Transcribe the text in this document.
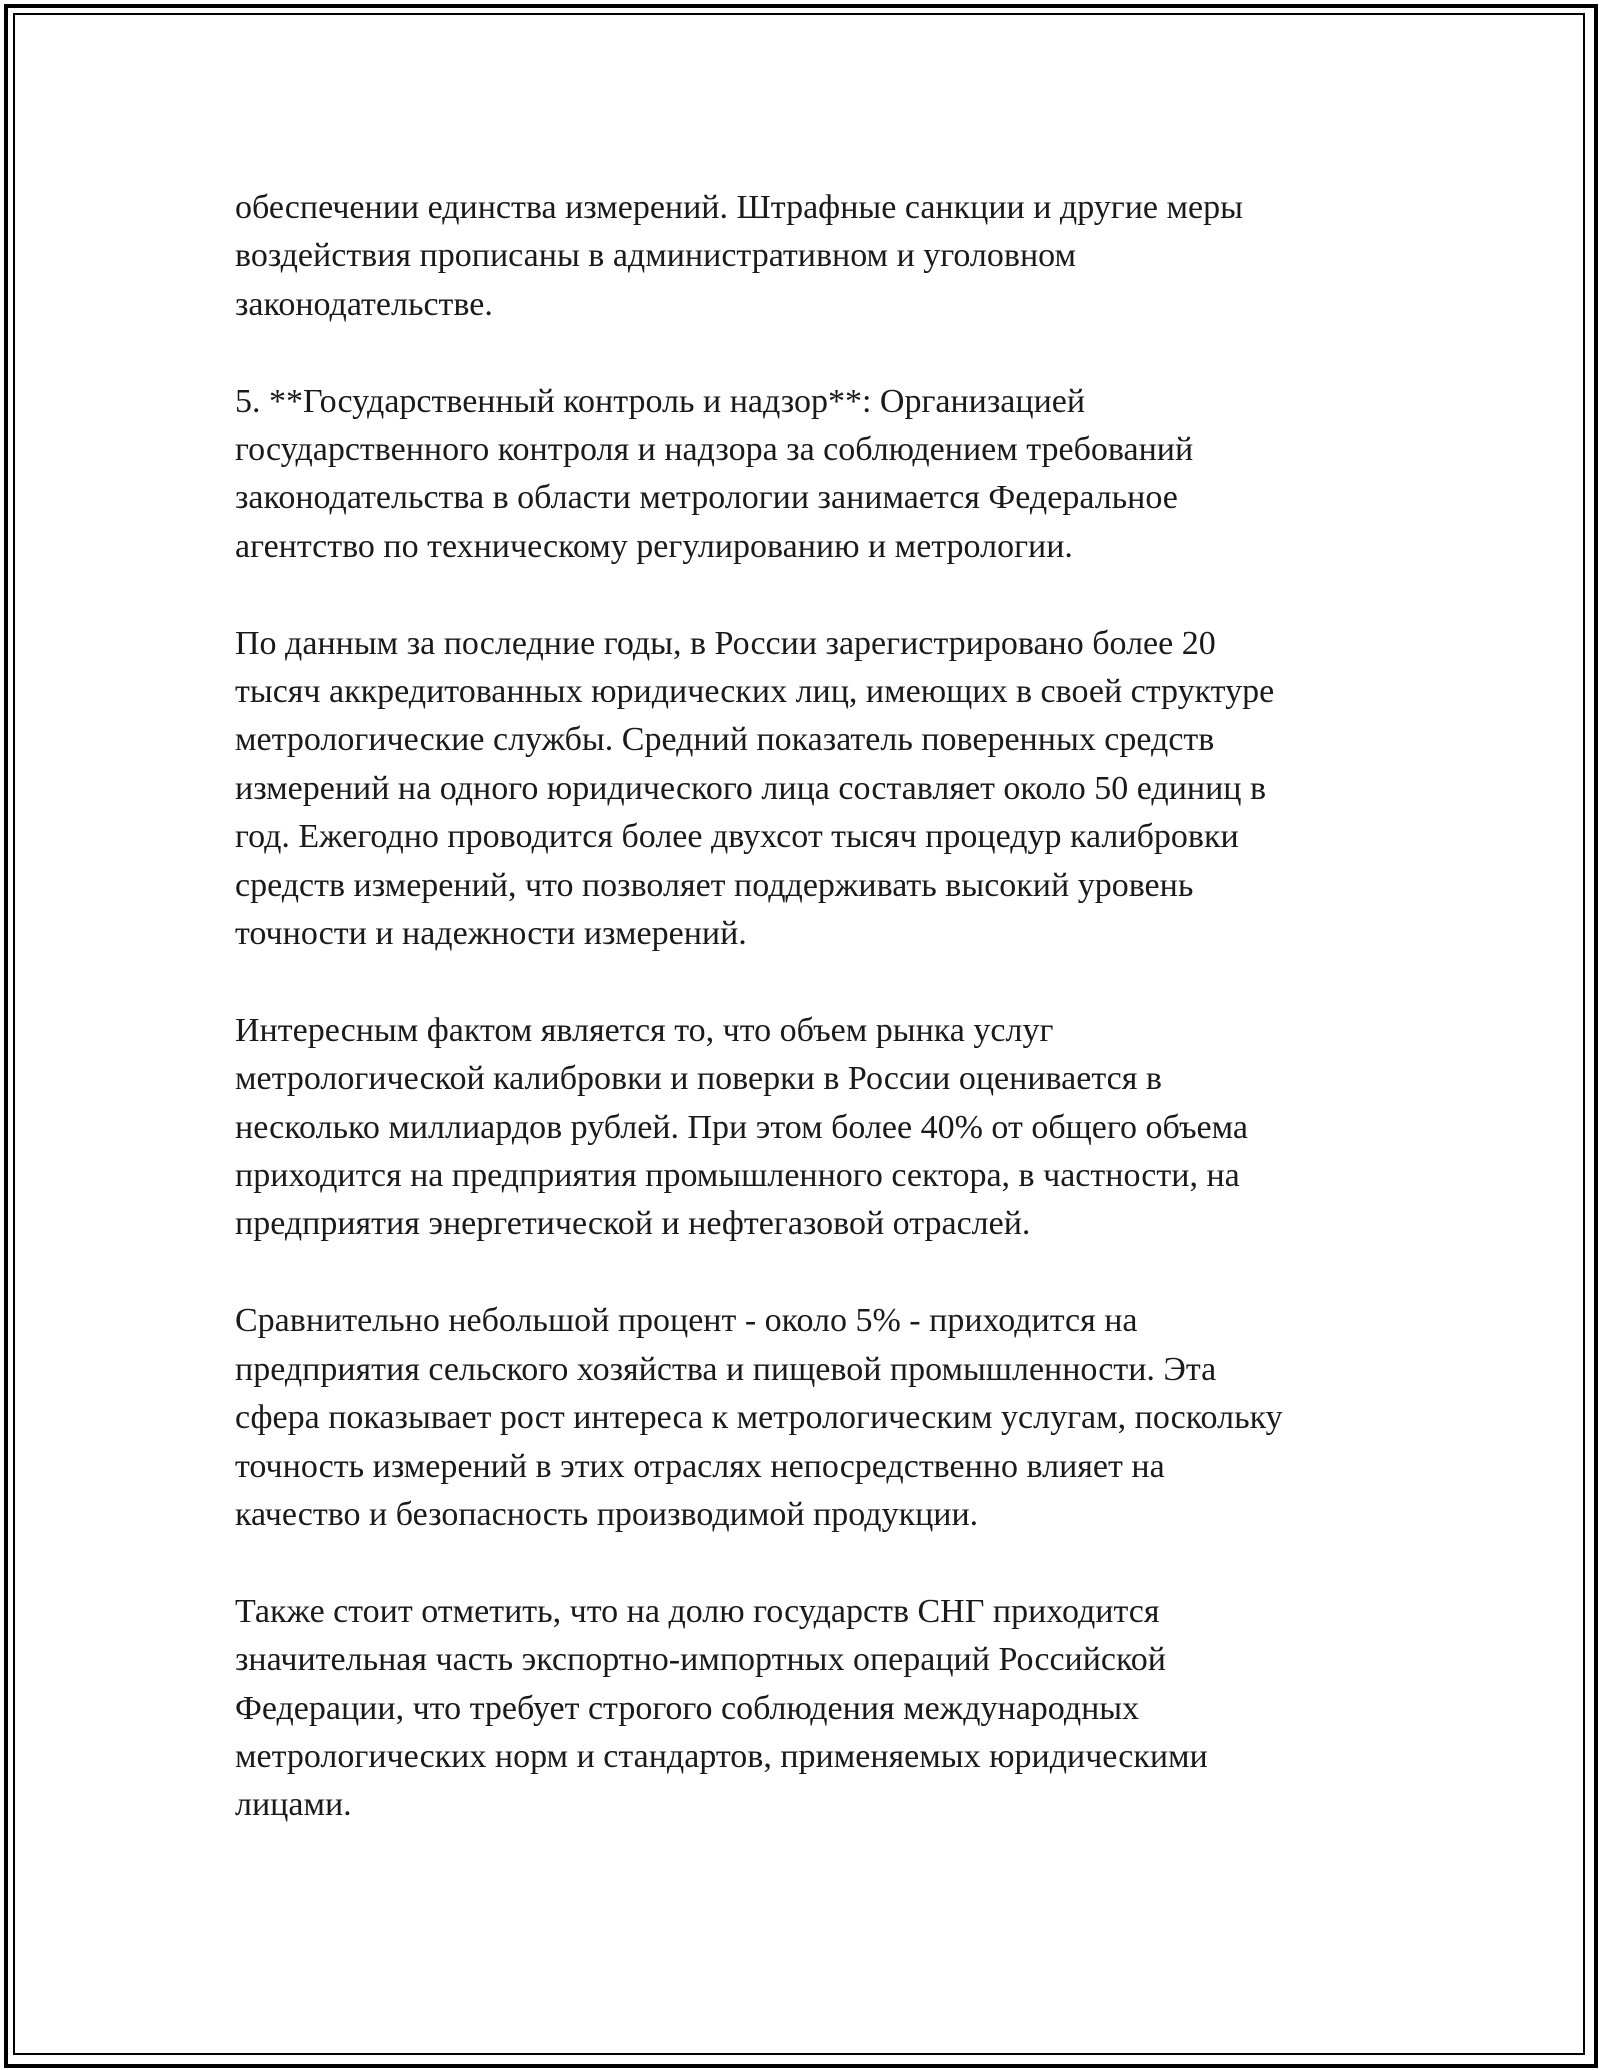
обеспечении единства измерений. Штрафные санкции и другие меры
воздействия прописаны в административном и уголовном
законодательстве.

5. **Государственный контроль и надзор**: Организацией
государственного контроля и надзора за соблюдением требований
законодательства в области метрологии занимается Федеральное
агентство по техническому регулированию и метрологии.

По данным за последние годы, в России зарегистрировано более 20
тысяч аккредитованных юридических лиц, имеющих в своей структуре
метрологические службы. Средний показатель поверенных средств
измерений на одного юридического лица составляет около 50 единиц в
год. Ежегодно проводится более двухсот тысяч процедур калибровки
средств измерений, что позволяет поддерживать высокий уровень
точности и надежности измерений.

Интересным фактом является то, что объем рынка услуг
метрологической калибровки и поверки в России оценивается в
несколько миллиардов рублей. При этом более 40% от общего объема
приходится на предприятия промышленного сектора, в частности, на
предприятия энергетической и нефтегазовой отраслей.

Сравнительно небольшой процент - около 5% - приходится на
предприятия сельского хозяйства и пищевой промышленности. Эта
сфера показывает рост интереса к метрологическим услугам, поскольку
точность измерений в этих отраслях непосредственно влияет на
качество и безопасность производимой продукции.

Также стоит отметить, что на долю государств СНГ приходится
значительная часть экспортно-импортных операций Российской
Федерации, что требует строгого соблюдения международных
метрологических норм и стандартов, применяемых юридическими
лицами.
